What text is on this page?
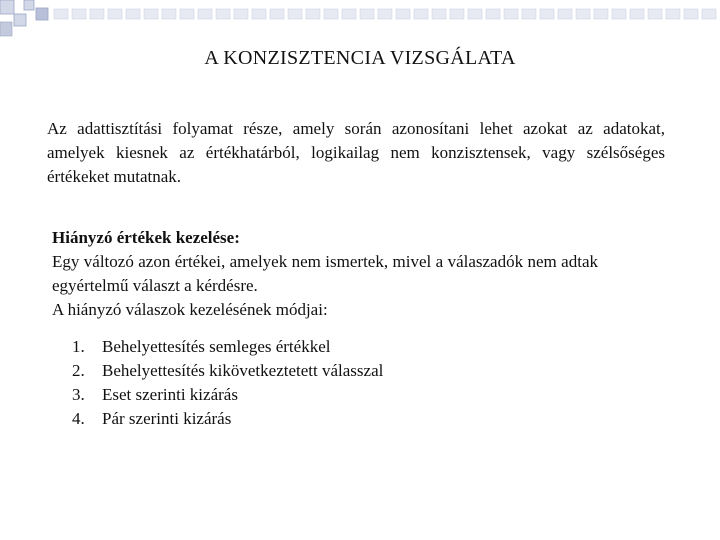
A KONZISZTENCIA VIZSGÁLATA

Az adattisztítási folyamat része, amely során azonosítani lehet azokat az adatokat, amelyek kiesnek az értékhatárból, logikailag nem konzisztensek, vagy szélsőséges értékeket mutatnak.

Hiányzó értékek kezelése:

Egy változó azon értékei, amelyek nem ismertek, mivel a válaszadók nem adtak egyértelmű választ a kérdésre.

A hiányzó válaszok kezelésének módjai:

1. Behelyettesítés semleges értékkel
2. Behelyettesítés kikövetkeztetett válasszal
3. Eset szerinti kizárás
4. Pár szerinti kizárás
